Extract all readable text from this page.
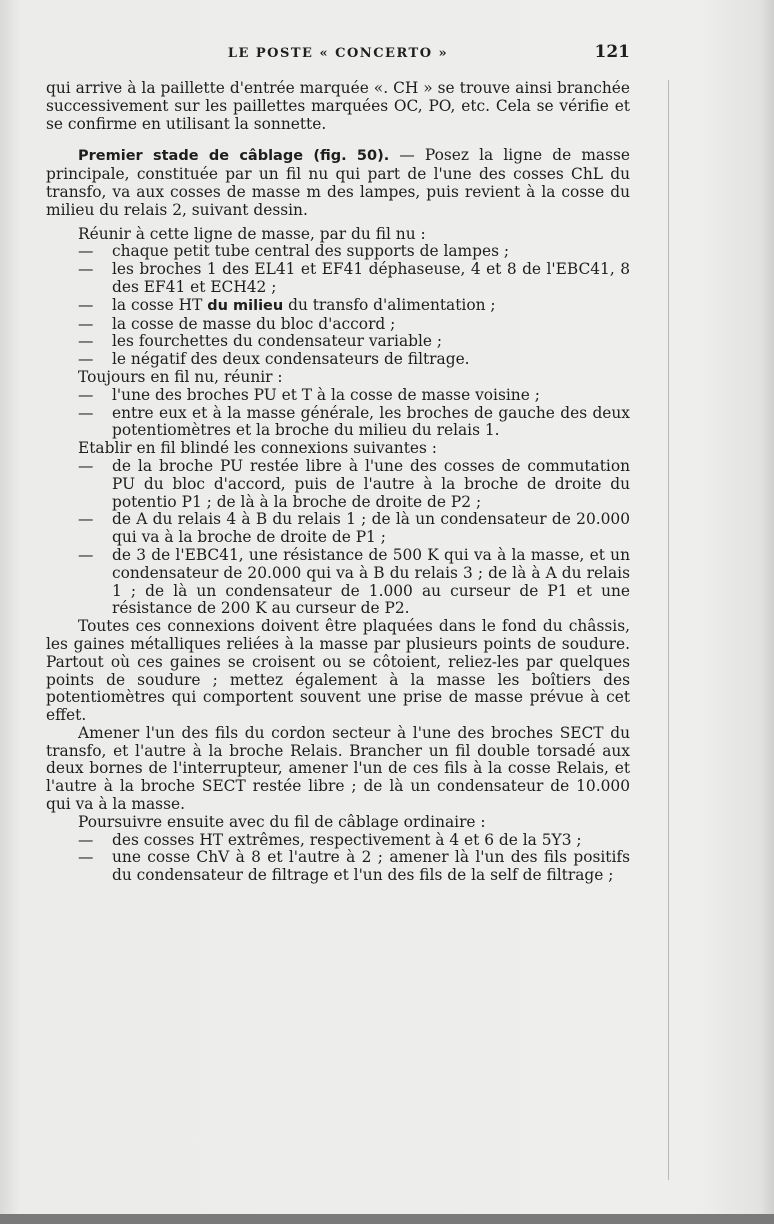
LE POSTE « CONCERTO »	121

qui arrive à la paillette d'entrée marquée «. CH » se trouve ainsi branchée successivement sur les paillettes marquées OC, PO, etc. Cela se vérifie et se confirme en utilisant la sonnette.

Premier stade de câblage (fig. 50). — Posez la ligne de masse principale, constituée par un fil nu qui part de l'une des cosses ChL du transfo, va aux cosses de masse m des lampes, puis revient à la cosse du milieu du relais 2, suivant dessin.

Réunir à cette ligne de masse, par du fil nu :

— chaque petit tube central des supports de lampes ;

— les broches 1 des EL41 et EF41 déphaseuse, 4 et 8 de l'EBC41, 8 des EF41 et ECH42 ;

— la cosse HT du milieu du transfo d'alimentation ;

— la cosse de masse du bloc d'accord ;

— les fourchettes du condensateur variable ;

— le négatif des deux condensateurs de filtrage.

Toujours en fil nu, réunir :

— l'une des broches PU et T à la cosse de masse voisine ;

— entre eux et à la masse générale, les broches de gauche des deux potentiomètres et la broche du milieu du relais 1.

Etablir en fil blindé les connexions suivantes :

— de la broche PU restée libre à l'une des cosses de commutation PU du bloc d'accord, puis de l'autre à la broche de droite du potentio P1 ; de là à la broche de droite de P2 ;

— de A du relais 4 à B du relais 1 ; de là un condensateur de 20.000 qui va à la broche de droite de P1 ;

— de 3 de l'EBC41, une résistance de 500 K qui va à la masse, et un condensateur de 20.000 qui va à B du relais 3 ; de là à A du relais 1 ; de là un condensateur de 1.000 au curseur de P1 et une résistance de 200 K au curseur de P2.

Toutes ces connexions doivent être plaquées dans le fond du châssis, les gaines métalliques reliées à la masse par plusieurs points de soudure. Partout où ces gaines se croisent ou se côtoient, reliez-les par quelques points de soudure ; mettez également à la masse les boîtiers des potentiomètres qui comportent souvent une prise de masse prévue à cet effet.

Amener l'un des fils du cordon secteur à l'une des broches SECT du transfo, et l'autre à la broche Relais. Brancher un fil double torsadé aux deux bornes de l'interrupteur, amener l'un de ces fils à la cosse Relais, et l'autre à la broche SECT restée libre ; de là un condensateur de 10.000 qui va à la masse.

Poursuivre ensuite avec du fil de câblage ordinaire :

— des cosses HT extrêmes, respectivement à 4 et 6 de la 5Y3 ;

— une cosse ChV à 8 et l'autre à 2 ; amener là l'un des fils positifs du condensateur de filtrage et l'un des fils de la self de filtrage ;
